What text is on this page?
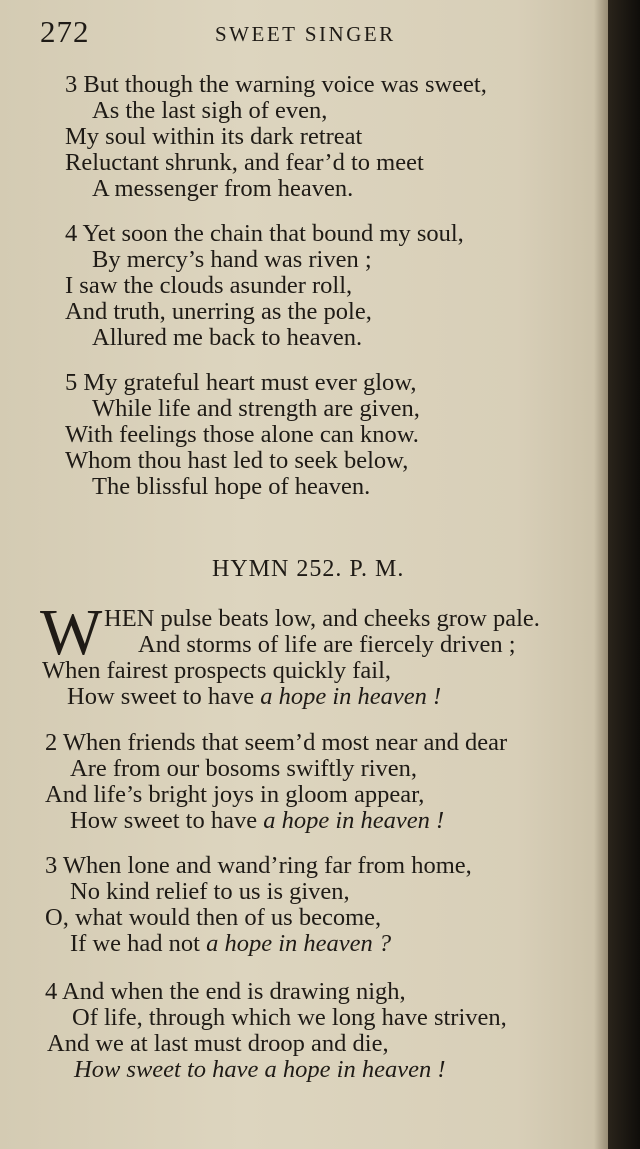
272	SWEET SINGER
3 But though the warning voice was sweet,
As the last sigh of even,
My soul within its dark retreat
Reluctant shrunk, and fear’d to meet
A messenger from heaven.
4 Yet soon the chain that bound my soul,
By mercy’s hand was riven ;
I saw the clouds asunder roll,
And truth, unerring as the pole,
Allured me back to heaven.
5 My grateful heart must ever glow,
While life and strength are given,
With feelings those alone can know.
Whom thou hast led to seek below,
The blissful hope of heaven.
HYMN 252. P. M.
W HEN pulse beats low, and cheeks grow pale.
And storms of life are fiercely driven ;
When fairest prospects quickly fail,
How sweet to have a hope in heaven !
2 When friends that seem’d most near and dear
Are from our bosoms swiftly riven,
And life’s bright joys in gloom appear,
How sweet to have a hope in heaven !
3 When lone and wand’ring far from home,
No kind relief to us is given,
O, what would then of us become,
If we had not a hope in heaven ?
4 And when the end is drawing nigh,
Of life, through which we long have striven,
And we at last must droop and die,
How sweet to have a hope in heaven !
